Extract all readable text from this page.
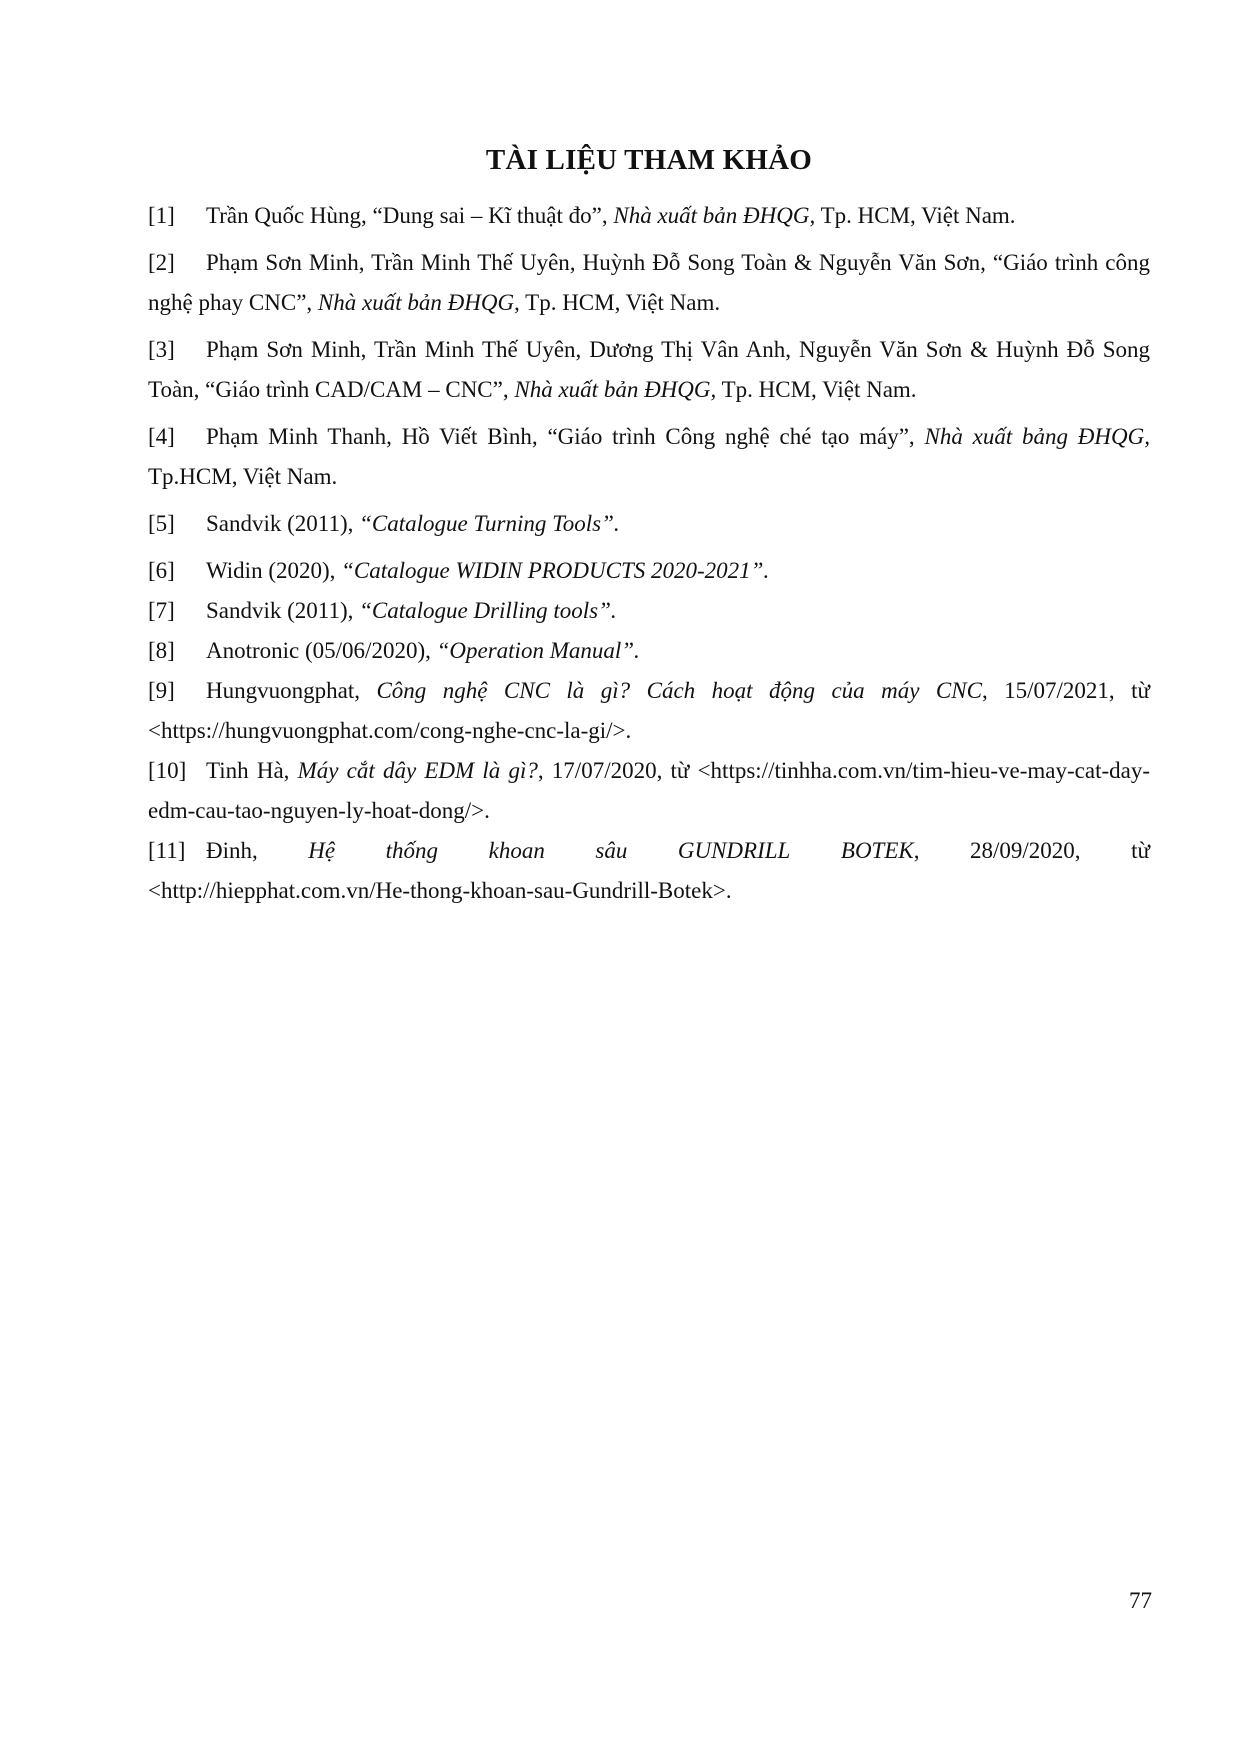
TÀI LIỆU THAM KHẢO
[1] Trần Quốc Hùng, “Dung sai – Kĩ thuật đo”, Nhà xuất bản ĐHQG, Tp. HCM, Việt Nam.
[2] Phạm Sơn Minh, Trần Minh Thế Uyên, Huỳnh Đỗ Song Toàn & Nguyễn Văn Sơn, “Giáo trình công nghệ phay CNC”, Nhà xuất bản ĐHQG, Tp. HCM, Việt Nam.
[3] Phạm Sơn Minh, Trần Minh Thế Uyên, Dương Thị Vân Anh, Nguyễn Văn Sơn & Huỳnh Đỗ Song Toàn, “Giáo trình CAD/CAM – CNC”, Nhà xuất bản ĐHQG, Tp. HCM, Việt Nam.
[4] Phạm Minh Thanh, Hồ Viết Bình, “Giáo trình Công nghệ ché tạo máy”, Nhà xuất bảng ĐHQG, Tp.HCM, Việt Nam.
[5] Sandvik (2011), “Catalogue Turning Tools”.
[6] Widin (2020), “Catalogue WIDIN PRODUCTS 2020-2021”.
[7] Sandvik (2011), “Catalogue Drilling tools”.
[8] Anotronic (05/06/2020), “Operation Manual”.
[9] Hungvuongphat, Công nghệ CNC là gì? Cách hoạt động của máy CNC, 15/07/2021, từ <https://hungvuongphat.com/cong-nghe-cnc-la-gi/>.
[10] Tinh Hà, Máy cắt dây EDM là gì?, 17/07/2020, từ <https://tinhha.com.vn/tim-hieu-ve-may-cat-day-edm-cau-tao-nguyen-ly-hoat-dong/>.
[11] Đinh, Hệ thống khoan sâu GUNDRILL BOTEK, 28/09/2020, từ
<http://hiepphat.com.vn/He-thong-khoan-sau-Gundrill-Botek>.
77
